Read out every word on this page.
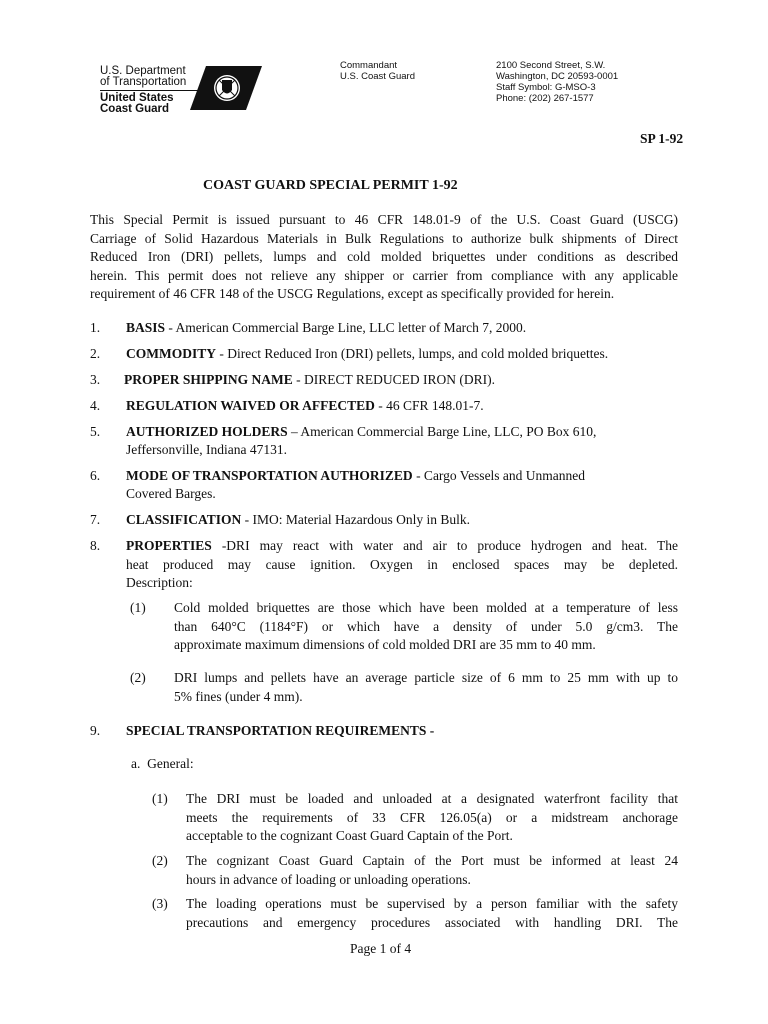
U.S. Department
of Transportation
United States
Coast Guard
Commandant
U.S. Coast Guard
2100 Second Street, S.W.
Washington, DC 20593-0001
Staff Symbol: G-MSO-3
Phone: (202) 267-1577
SP 1-92
COAST GUARD SPECIAL PERMIT 1-92
This Special Permit is issued pursuant to 46 CFR 148.01-9 of the U.S. Coast Guard (USCG)
Carriage of Solid Hazardous Materials in Bulk Regulations to authorize bulk shipments of Direct
Reduced Iron (DRI) pellets, lumps and cold molded briquettes under conditions as described
herein. This permit does not relieve any shipper or carrier from compliance with any applicable
requirement of 46 CFR 148 of the USCG Regulations, except as specifically provided for herein.
1. BASIS - American Commercial Barge Line, LLC letter of March 7, 2000.
2. COMMODITY - Direct Reduced Iron (DRI) pellets, lumps, and cold molded briquettes.
3. PROPER SHIPPING NAME - DIRECT REDUCED IRON (DRI).
4. REGULATION WAIVED OR AFFECTED - 46 CFR 148.01-7.
5. AUTHORIZED HOLDERS – American Commercial Barge Line, LLC, PO Box 610,
Jeffersonville, Indiana 47131.
6. MODE OF TRANSPORTATION AUTHORIZED - Cargo Vessels and Unmanned
Covered Barges.
7. CLASSIFICATION - IMO: Material Hazardous Only in Bulk.
8. PROPERTIES -DRI may react with water and air to produce hydrogen and heat. The
heat produced may cause ignition. Oxygen in enclosed spaces may be depleted.
Description:
(1) Cold molded briquettes are those which have been molded at a temperature of less
than 640°C (1184°F) or which have a density of under 5.0 g/cm3. The
approximate maximum dimensions of cold molded DRI are 35 mm to 40 mm.
(2) DRI lumps and pellets have an average particle size of 6 mm to 25 mm with up to
5% fines (under 4 mm).
9. SPECIAL TRANSPORTATION REQUIREMENTS -
a.  General:
(1) The DRI must be loaded and unloaded at a designated waterfront facility that
meets the requirements of 33 CFR 126.05(a) or a midstream anchorage
acceptable to the cognizant Coast Guard Captain of the Port.
(2) The cognizant Coast Guard Captain of the Port must be informed at least 24
hours in advance of loading or unloading operations.
(3) The loading operations must be supervised by a person familiar with the safety
precautions and emergency procedures associated with handling DRI. The
Page 1 of 4
